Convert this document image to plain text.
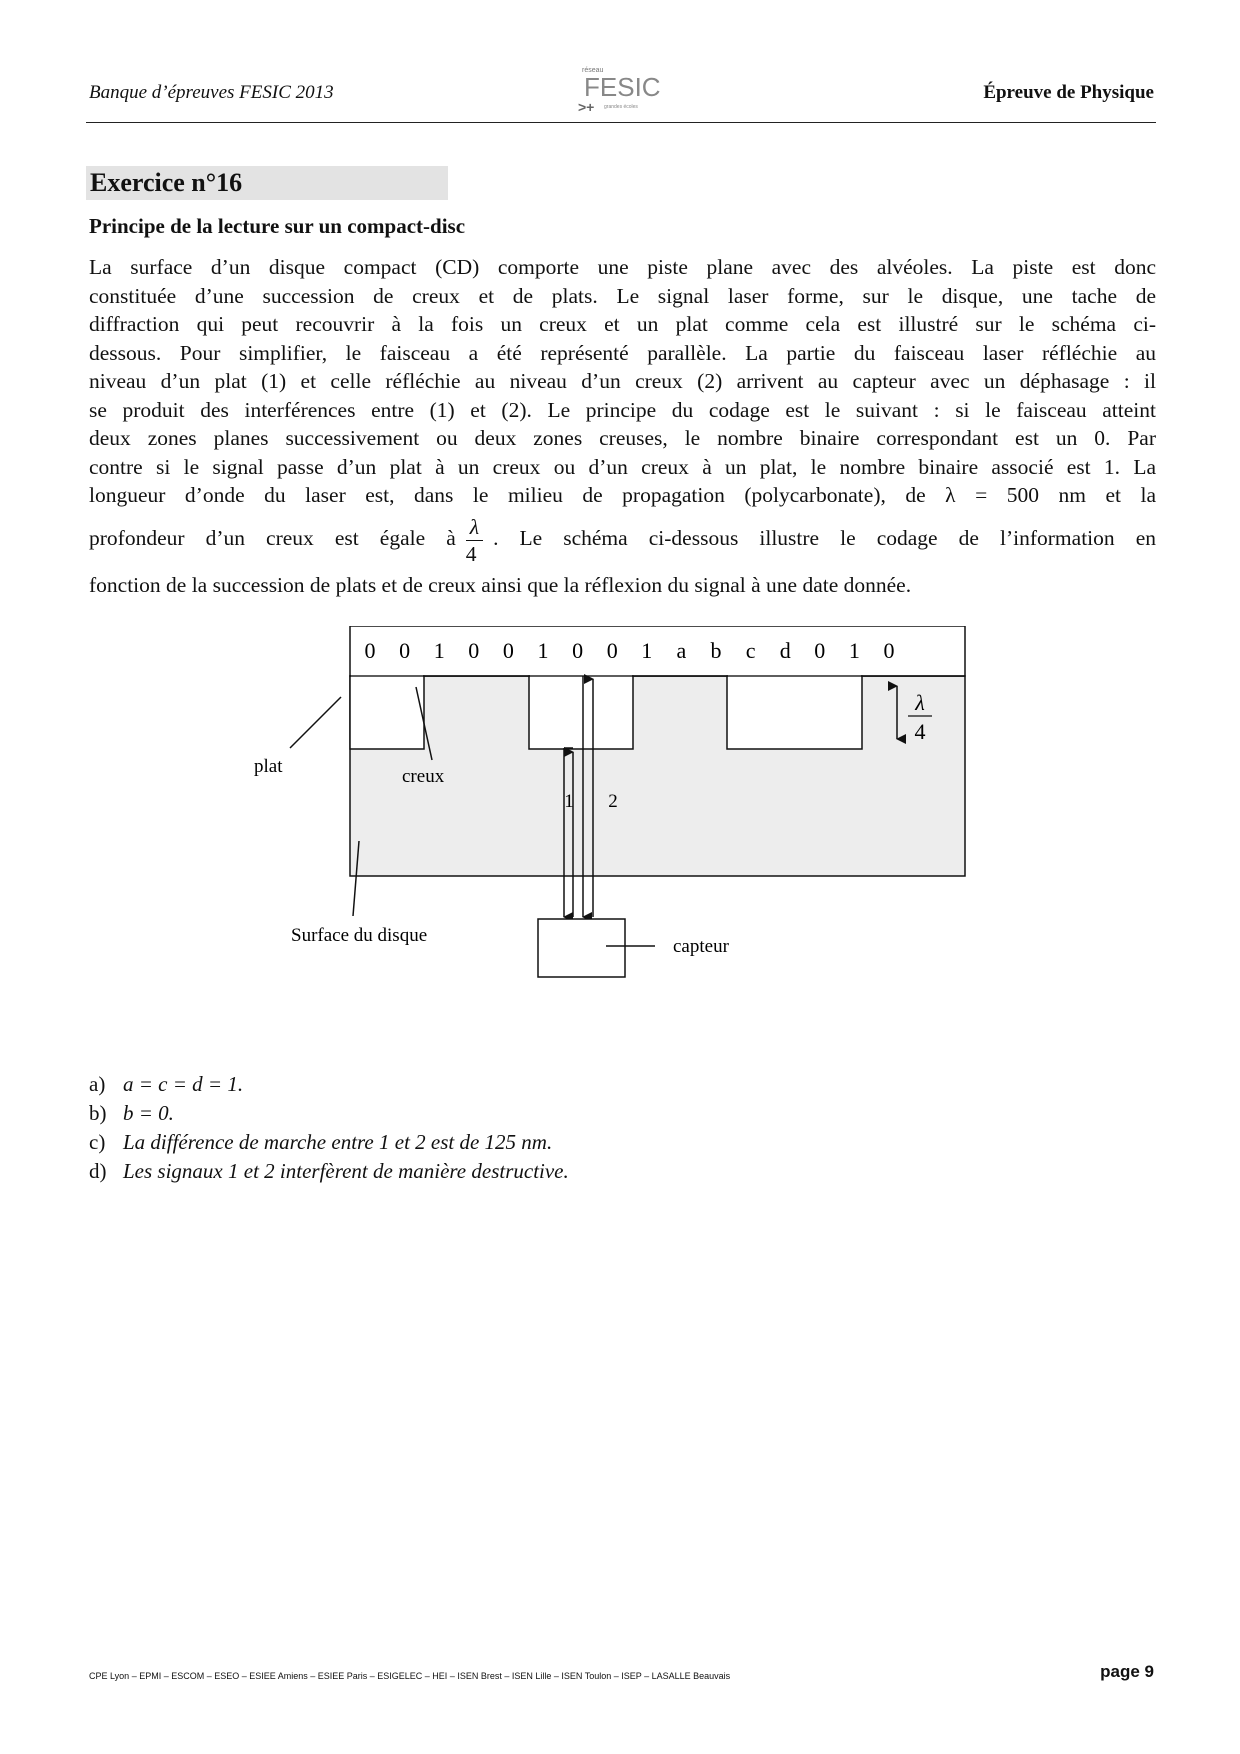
Banque d’épreuves FESIC 2013
réseau
FESIC
>+ grandes écoles
Épreuve de Physique
Exercice n°16
Principe de la lecture sur un compact-disc
La surface d’un disque compact (CD) comporte une piste plane avec des alvéoles. La piste est donc
constituée d’une succession de creux et de plats. Le signal laser forme, sur le disque, une tache de
diffraction qui peut recouvrir à la fois un creux et un plat comme cela est illustré sur le schéma ci-
dessous. Pour simplifier, le faisceau a été représenté parallèle. La partie du faisceau laser réfléchie au
niveau d’un plat (1) et celle réfléchie au niveau d’un creux (2) arrivent au capteur avec un déphasage : il
se produit des interférences entre (1) et (2). Le principe du codage est le suivant : si le faisceau atteint
deux zones planes successivement ou deux zones creuses, le nombre binaire correspondant est un 0. Par
contre si le signal passe d’un plat à un creux ou d’un creux à un plat, le nombre binaire associé est 1. La
longueur d’onde du laser est, dans le milieu de propagation (polycarbonate), de λ = 500 nm et la
profondeur d’un creux est égale à $\frac{\lambda}{4}$ . Le schéma ci-dessous illustre le codage de l’information en
fonction de la succession de plats et de creux ainsi que la réflexion du signal à une date donnée.
0 0 1 0 0 1 0 0 1 a b c d 0 1 0
λ
4
1 2
capteur
plat	creux
Surface du disque
a) a = c = d = 1.
b) b = 0.
c) La différence de marche entre 1 et 2 est de 125 nm.
d) Les signaux 1 et 2 interfèrent de manière destructive.
CPE Lyon – EPMI – ESCOM – ESEO – ESIEE Amiens – ESIEE Paris – ESIGELEC – HEI – ISEN Brest – ISEN Lille – ISEN Toulon – ISEP – LASALLE Beauvais	page 9
